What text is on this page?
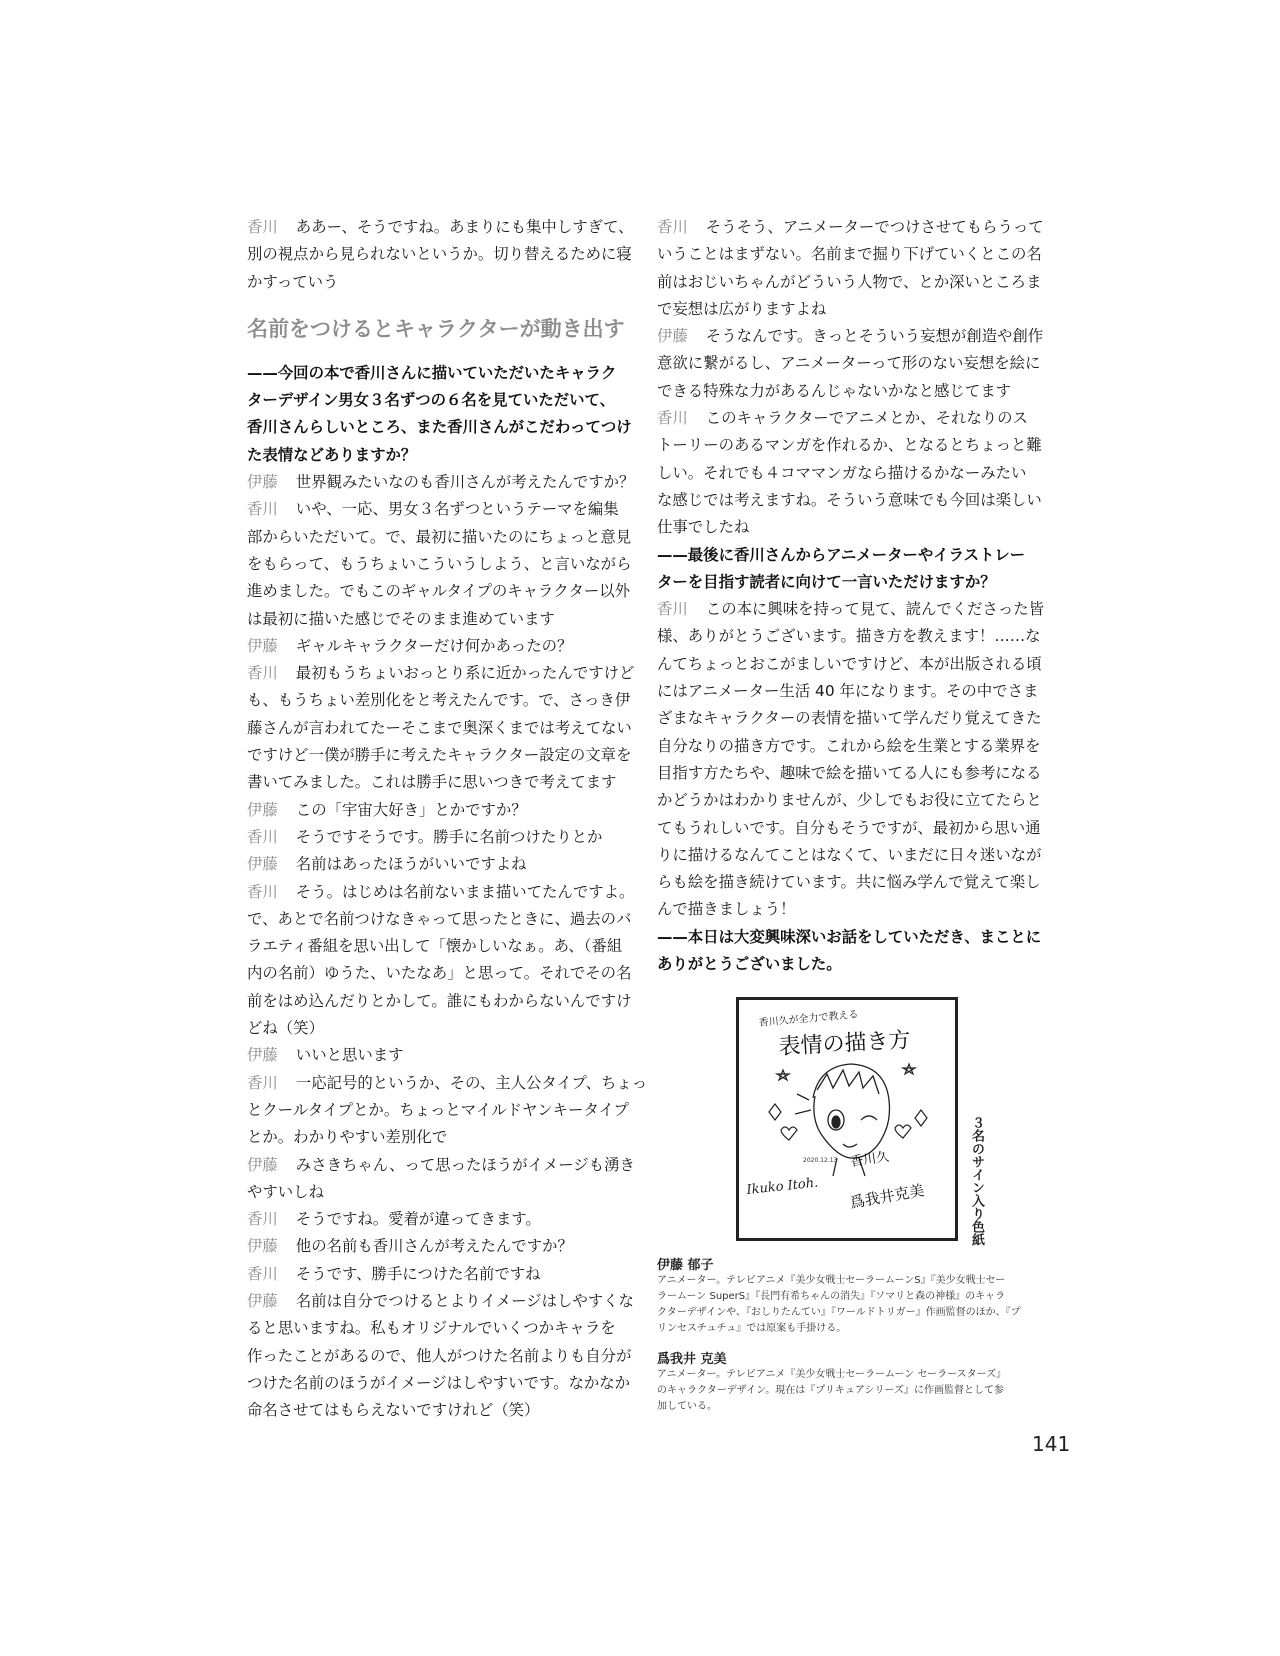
香川 ああー、そうですね。あまりにも集中しすぎて、
別の視点から見られないというか。切り替えるために寝
かすっていう
名前をつけるとキャラクターが動き出す
——今回の本で香川さんに描いていただいたキャラク
ターデザイン男女３名ずつの６名を見ていただいて、
香川さんらしいところ、また香川さんがこだわってつけ
た表情などありますか？
伊藤 世界観みたいなのも香川さんが考えたんですか？
香川 いや、一応、男女３名ずつというテーマを編集
部からいただいて。で、最初に描いたのにちょっと意見
をもらって、もうちょいこういうしよう、と言いながら
進めました。でもこのギャルタイプのキャラクター以外
は最初に描いた感じでそのまま進めています
伊藤 ギャルキャラクターだけ何かあったの？
香川 最初もうちょいおっとり系に近かったんですけど
も、もうちょい差別化をと考えたんです。で、さっき伊
藤さんが言われてたーそこまで奥深くまでは考えてない
ですけど一僕が勝手に考えたキャラクター設定の文章を
書いてみました。これは勝手に思いつきで考えてます
伊藤 この「宇宙大好き」とかですか？
香川 そうですそうです。勝手に名前つけたりとか
伊藤 名前はあったほうがいいですよね
香川 そう。はじめは名前ないまま描いてたんですよ。
で、あとで名前つけなきゃって思ったときに、過去のバ
ラエティ番組を思い出して「懐かしいなぁ。あ、（番組
内の名前）ゆうた、いたなあ」と思って。それでその名
前をはめ込んだりとかして。誰にもわからないんですけ
どね（笑）
伊藤 いいと思います
香川 一応記号的というか、その、主人公タイプ、ちょっ
とクールタイプとか。ちょっとマイルドヤンキータイプ
とか。わかりやすい差別化で
伊藤 みさきちゃん、って思ったほうがイメージも湧き
やすいしね
香川 そうですね。愛着が違ってきます。
伊藤 他の名前も香川さんが考えたんですか？
香川 そうです、勝手につけた名前ですね
伊藤 名前は自分でつけるとよりイメージはしやすくな
ると思いますね。私もオリジナルでいくつかキャラを
作ったことがあるので、他人がつけた名前よりも自分が
つけた名前のほうがイメージはしやすいです。なかなか
命名させてはもらえないですけれど（笑）
香川 そうそう、アニメーターでつけさせてもらうって
いうことはまずない。名前まで掘り下げていくとこの名
前はおじいちゃんがどういう人物で、とか深いところま
で妄想は広がりますよね
伊藤 そうなんです。きっとそういう妄想が創造や創作
意欲に繋がるし、アニメーターって形のない妄想を絵に
できる特殊な力があるんじゃないかなと感じてます
香川 このキャラクターでアニメとか、それなりのス
トーリーのあるマンガを作れるか、となるとちょっと難
しい。それでも４コママンガなら描けるかなーみたい
な感じでは考えますね。そういう意味でも今回は楽しい
仕事でしたね
——最後に香川さんからアニメーターやイラストレー
ターを目指す読者に向けて一言いただけますか？
香川 この本に興味を持って見て、読んでくださった皆
様、ありがとうございます。描き方を教えます！……な
んてちょっとおこがましいですけど、本が出版される頃
にはアニメーター生活 40 年になります。その中でさま
ざまなキャラクターの表情を描いて学んだり覚えてきた
自分なりの描き方です。これから絵を生業とする業界を
目指す方たちや、趣味で絵を描いてる人にも参考になる
かどうかはわかりませんが、少しでもお役に立てたらと
てもうれしいです。自分もそうですが、最初から思い通
りに描けるなんてことはなくて、いまだに日々迷いなが
らも絵を描き続けています。共に悩み学んで覚えて楽し
んで描きましょう！
——本日は大変興味深いお話をしていただき、まことに
ありがとうございました。
香川久が全力で教える
表情の描き方
2020.12.13 香川久
Ikuko Itoh. 爲我井克美	３名のサイン入り色紙
伊藤 郁子
アニメーター。テレビアニメ『美少女戦士セーラームーンS』『美少女戦士セー
ラームーン SuperS』『長門有希ちゃんの消失』『ソマリと森の神様』のキャラ
クターデザインや、『おしりたんてい』『ワールドトリガー』作画監督のほか、『プ
リンセスチュチュ』では原案も手掛ける。
爲我井 克美
アニメーター。テレビアニメ『美少女戦士セーラームーン セーラースターズ』
のキャラクターデザイン。現在は『プリキュアシリーズ』に作画監督として参
加している。
141
